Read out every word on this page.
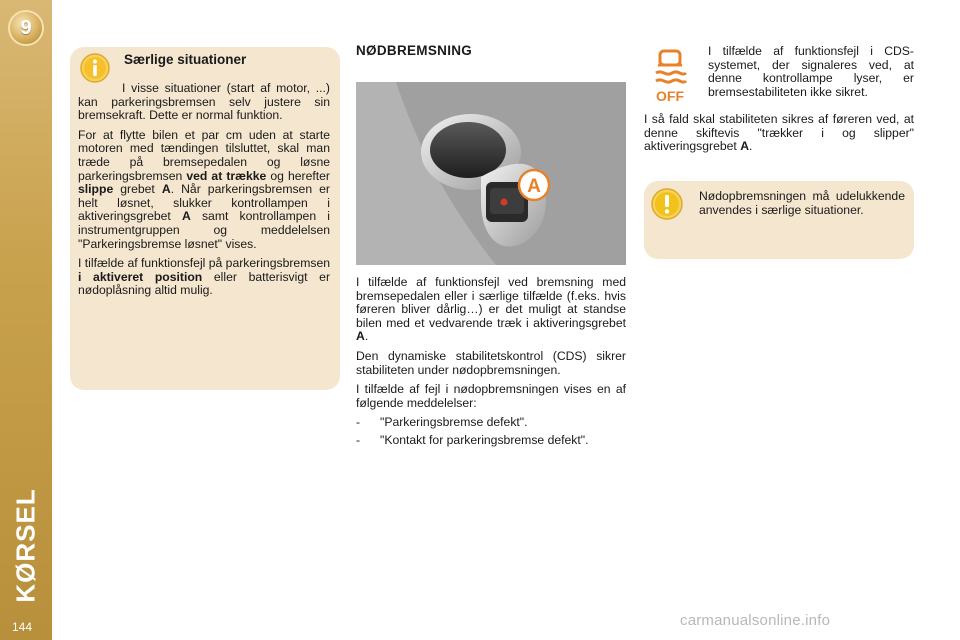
9
KØRSEL
144
Særlige situationer

I visse situationer (start af motor, ...) kan parkeringsbremsen selv justere sin bremsekraft. Dette er normal funktion.

For at flytte bilen et par cm uden at starte motoren med tændingen tilsluttet, skal man træde på bremsepedalen og løsne parkeringsbremsen ved at trække og herefter slippe grebet A. Når parkeringsbremsen er helt løsnet, slukker kontrollampen i aktiveringsgrebet A samt kontrollampen i instrumentgruppen og meddelelsen "Parkeringsbremse løsnet" vises.

I tilfælde af funktionsfejl på parkeringsbremsen i aktiveret position eller batterisvigt er nødoplåsning altid mulig.

NØDBREMSNING
A

I tilfælde af funktionsfejl ved bremsning med bremsepedalen eller i særlige tilfælde (f.eks. hvis føreren bliver dårlig…) er det muligt at standse bilen med et vedvarende træk i aktiveringsgrebet A.

Den dynamiske stabilitetskontrol (CDS) sikrer stabiliteten under nødopbremsningen.

I tilfælde af fejl i nødopbremsningen vises en af følgende meddelelser:

-	"Parkeringsbremse defekt".
-	"Kontakt for parkeringsbremse defekt".
OFF

I tilfælde af funktionsfejl i CDS-systemet, der signaleres ved, at denne kontrollampe lyser, er bremsestabiliteten ikke sikret.

I så fald skal stabiliteten sikres af føreren ved, at denne skiftevis "trækker i og slipper" aktiveringsgrebet A.

Nødopbremsningen må udelukkende anvendes i særlige situationer.

carmanualsonline.info
